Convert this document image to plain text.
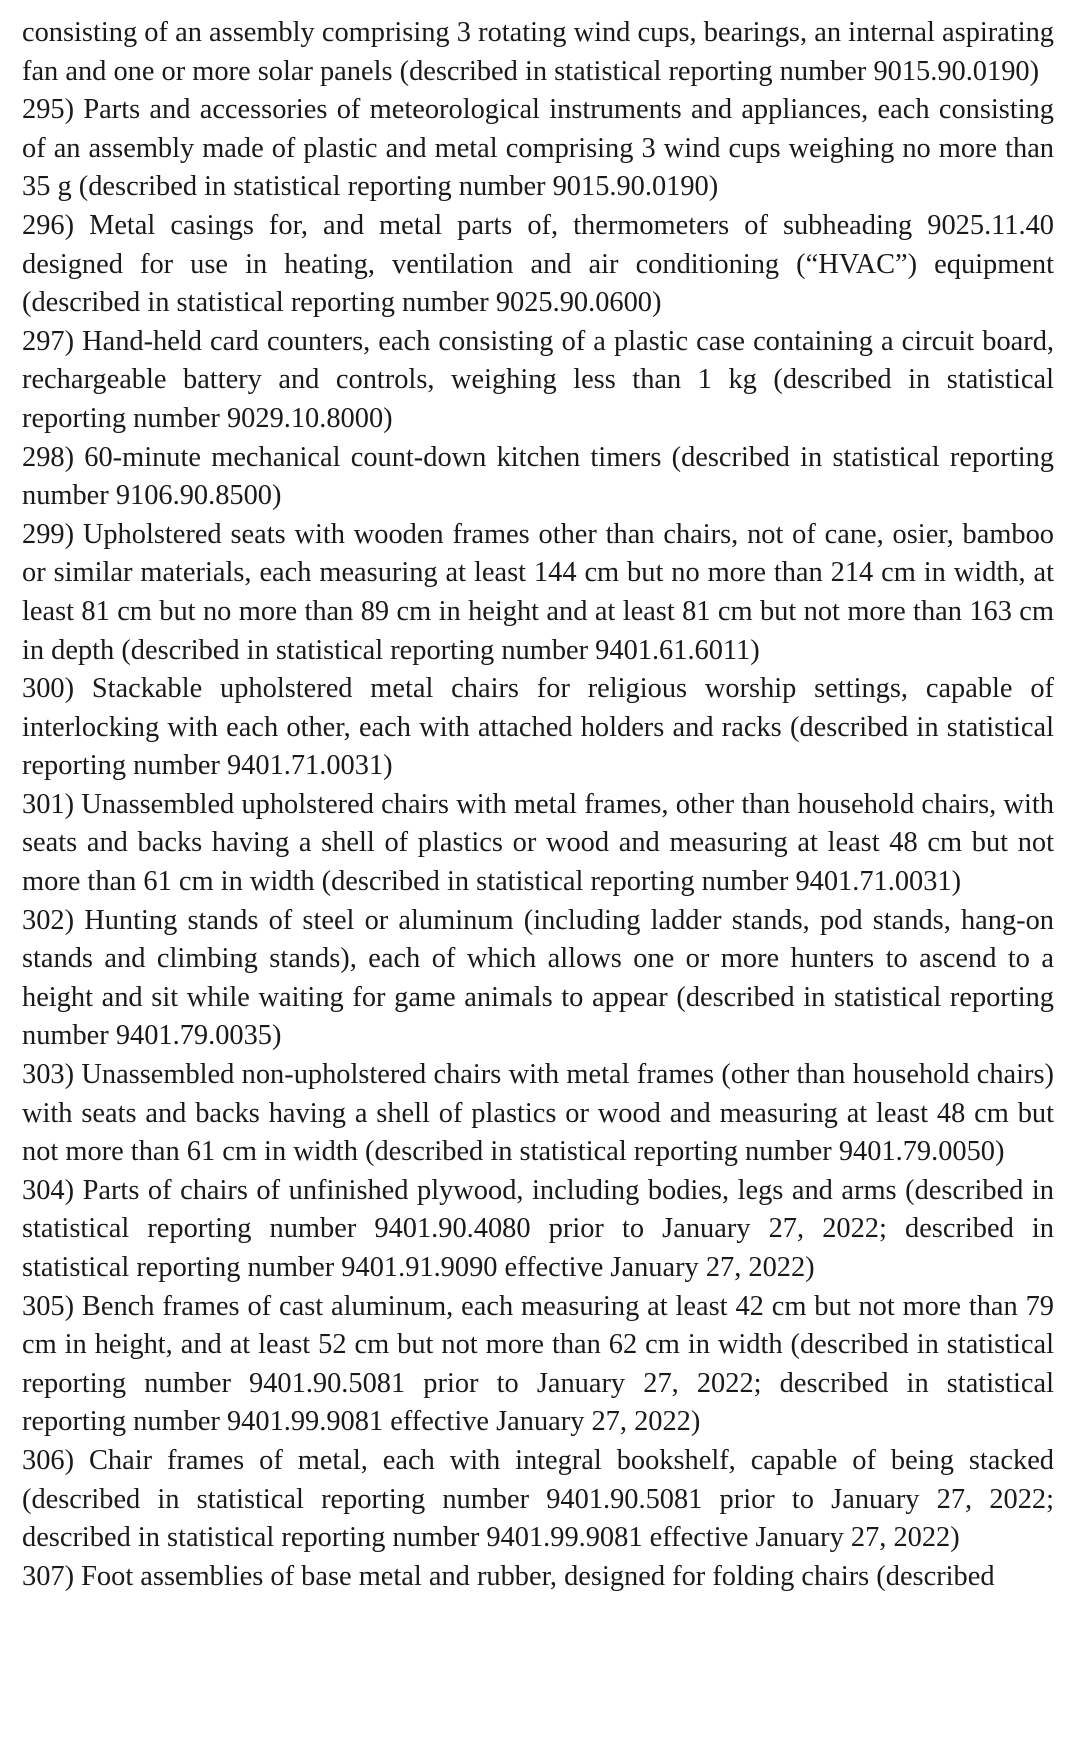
consisting of an assembly comprising 3 rotating wind cups, bearings, an internal aspirating fan and one or more solar panels (described in statistical reporting number 9015.90.0190)

295) Parts and accessories of meteorological instruments and appliances, each consisting of an assembly made of plastic and metal comprising 3 wind cups weighing no more than 35 g (described in statistical reporting number 9015.90.0190)

296) Metal casings for, and metal parts of, thermometers of subheading 9025.11.40 designed for use in heating, ventilation and air conditioning (“HVAC”) equipment (described in statistical reporting number 9025.90.0600)

297) Hand-held card counters, each consisting of a plastic case containing a circuit board, rechargeable battery and controls, weighing less than 1 kg (described in statistical reporting number 9029.10.8000)

298) 60-minute mechanical count-down kitchen timers (described in statistical reporting number 9106.90.8500)

299) Upholstered seats with wooden frames other than chairs, not of cane, osier, bamboo or similar materials, each measuring at least 144 cm but no more than 214 cm in width, at least 81 cm but no more than 89 cm in height and at least 81 cm but not more than 163 cm in depth (described in statistical reporting number 9401.61.6011)

300) Stackable upholstered metal chairs for religious worship settings, capable of interlocking with each other, each with attached holders and racks (described in statistical reporting number 9401.71.0031)

301) Unassembled upholstered chairs with metal frames, other than household chairs, with seats and backs having a shell of plastics or wood and measuring at least 48 cm but not more than 61 cm in width (described in statistical reporting number 9401.71.0031)

302) Hunting stands of steel or aluminum (including ladder stands, pod stands, hang-on stands and climbing stands), each of which allows one or more hunters to ascend to a height and sit while waiting for game animals to appear (described in statistical reporting number 9401.79.0035)

303) Unassembled non-upholstered chairs with metal frames (other than household chairs) with seats and backs having a shell of plastics or wood and measuring at least 48 cm but not more than 61 cm in width (described in statistical reporting number 9401.79.0050)

304) Parts of chairs of unfinished plywood, including bodies, legs and arms (described in statistical reporting number 9401.90.4080 prior to January 27, 2022; described in statistical reporting number 9401.91.9090 effective January 27, 2022)

305) Bench frames of cast aluminum, each measuring at least 42 cm but not more than 79 cm in height, and at least 52 cm but not more than 62 cm in width (described in statistical reporting number 9401.90.5081 prior to January 27, 2022; described in statistical reporting number 9401.99.9081 effective January 27, 2022)

306) Chair frames of metal, each with integral bookshelf, capable of being stacked (described in statistical reporting number 9401.90.5081 prior to January 27, 2022; described in statistical reporting number 9401.99.9081 effective January 27, 2022)

307) Foot assemblies of base metal and rubber, designed for folding chairs (described
